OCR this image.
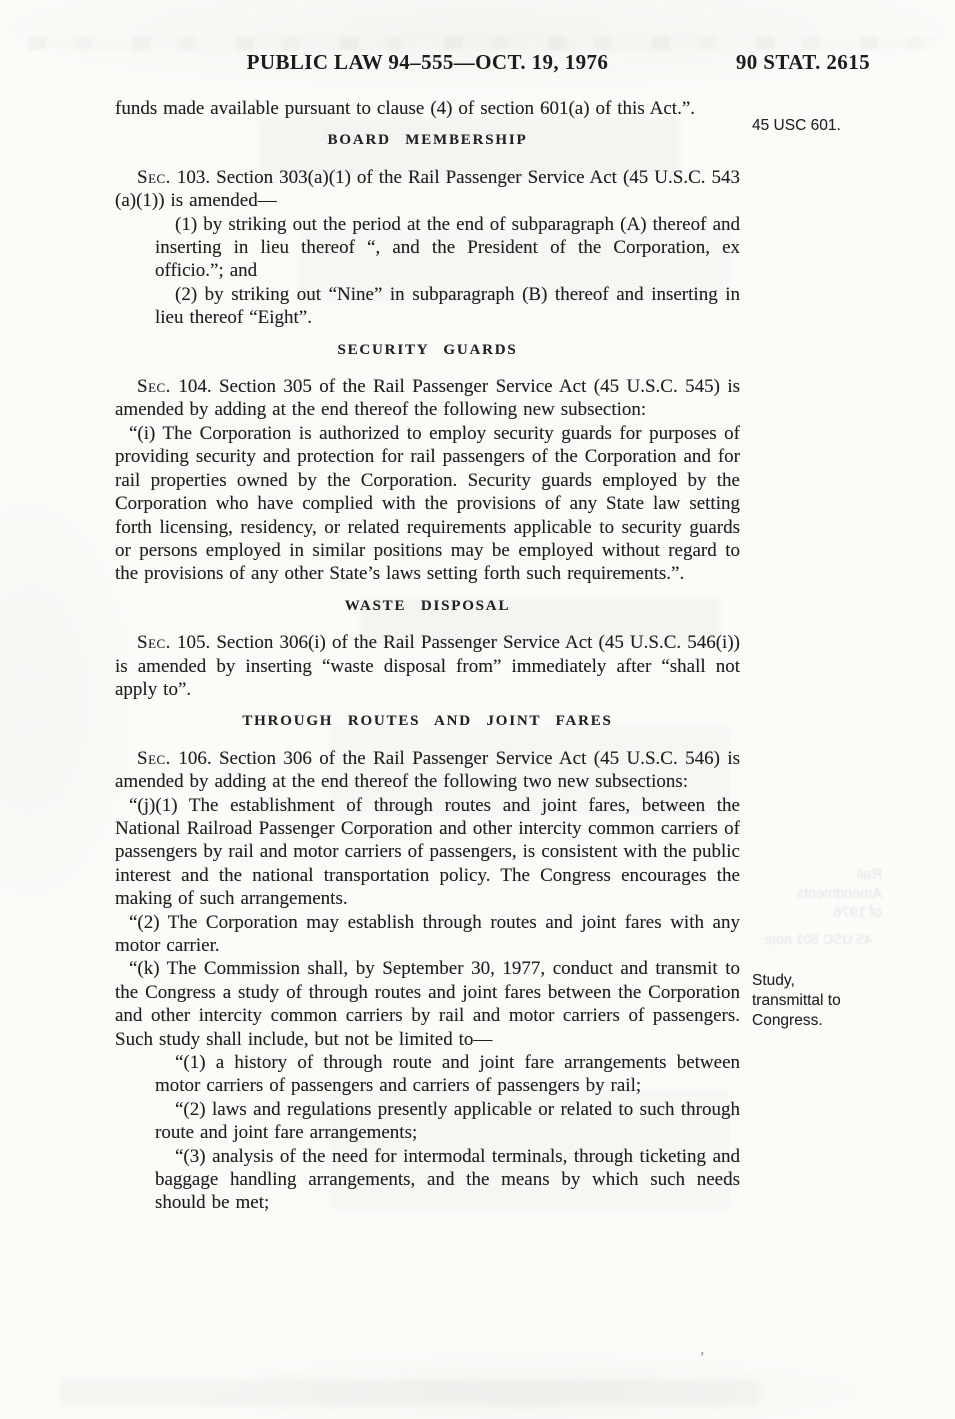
PUBLIC LAW 94–555—OCT. 19, 1976	90 STAT. 2615
45 USC 601.
Study, transmittal to Congress.
Rail Amendments of 1976.
45 USC 501 note.
’

funds made available pursuant to clause (4) of section 601(a) of this Act.”.

BOARD MEMBERSHIP

Sec. 103. Section 303(a)(1) of the Rail Passenger Service Act (45 U.S.C. 543 (a)(1)) is amended—

(1) by striking out the period at the end of subparagraph (A) thereof and inserting in lieu thereof “, and the President of the Corporation, ex officio.”; and

(2) by striking out “Nine” in subparagraph (B) thereof and inserting in lieu thereof “Eight”.

SECURITY GUARDS

Sec. 104. Section 305 of the Rail Passenger Service Act (45 U.S.C. 545) is amended by adding at the end thereof the following new subsection:

“(i) The Corporation is authorized to employ security guards for purposes of providing security and protection for rail passengers of the Corporation and for rail properties owned by the Corporation. Security guards employed by the Corporation who have complied with the provisions of any State law setting forth licensing, residency, or related requirements applicable to security guards or persons employed in similar positions may be employed without regard to the provisions of any other State’s laws setting forth such requirements.”.

WASTE DISPOSAL

Sec. 105. Section 306(i) of the Rail Passenger Service Act (45 U.S.C. 546(i)) is amended by inserting “waste disposal from” immediately after “shall not apply to”.

THROUGH ROUTES AND JOINT FARES

Sec. 106. Section 306 of the Rail Passenger Service Act (45 U.S.C. 546) is amended by adding at the end thereof the following two new subsections:

“(j)(1) The establishment of through routes and joint fares, between the National Railroad Passenger Corporation and other intercity common carriers of passengers by rail and motor carriers of passengers, is consistent with the public interest and the national transportation policy. The Congress encourages the making of such arrangements.

“(2) The Corporation may establish through routes and joint fares with any motor carrier.

“(k) The Commission shall, by September 30, 1977, conduct and transmit to the Congress a study of through routes and joint fares between the Corporation and other intercity common carriers by rail and motor carriers of passengers. Such study shall include, but not be limited to—

“(1) a history of through route and joint fare arrangements between motor carriers of passengers and carriers of passengers by rail;

“(2) laws and regulations presently applicable or related to such through route and joint fare arrangements;

“(3) analysis of the need for intermodal terminals, through ticketing and baggage handling arrangements, and the means by which such needs should be met;
